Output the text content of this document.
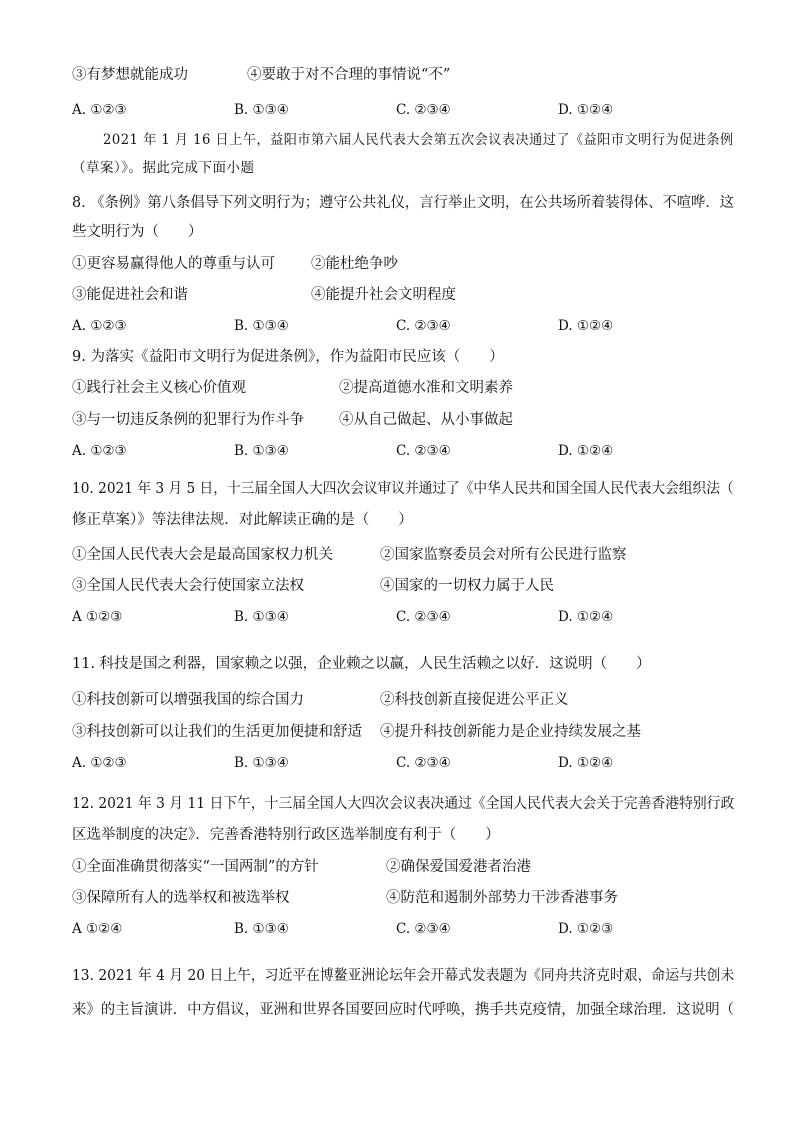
③有梦想就能成功	④要敢于对不合理的事情说“不”
A. ①②③	B. ①③④	C. ②③④	D. ①②④
2021 年 1 月 16 日上午，益阳市第六届人民代表大会第五次会议表决通过了《益阳市文明行为促进条例
（草案）》。据此完成下面小题
8. 《条例》第八条倡导下列文明行为；遵守公共礼仪，言行举止文明，在公共场所着装得体、不喧哗．这
些文明行为（　　）
①更容易赢得他人的尊重与认可 ②能杜绝争吵
③能促进社会和谐	④能提升社会文明程度
A. ①②③	B. ①③④	C. ②③④	D. ①②④
9. 为落实《益阳市文明行为促进条例》，作为益阳市民应该（　　）
①践行社会主义核心价值观	②提高道德水准和文明素养
③与一切违反条例的犯罪行为作斗争 ④从自己做起、从小事做起
A. ①②③	B. ①③④	C. ②③④	D. ①②④
10. 2021 年 3 月 5 日，十三届全国人大四次会议审议并通过了《中华人民共和国全国人民代表大会组织法（
修正草案）》等法律法规．对此解读正确的是（　　）
①全国人民代表大会是最高国家权力机关	②国家监察委员会对所有公民进行监察
③全国人民代表大会行使国家立法权	④国家的一切权力属于人民
A ①②③	B. ①③④	C. ②③④	D. ①②④
11. 科技是国之利器，国家赖之以强，企业赖之以赢，人民生活赖之以好．这说明（　　）
①科技创新可以增强我国的综合国力	②科技创新直接促进公平正义
③科技创新可以让我们的生活更加便捷和舒适 ④提升科技创新能力是企业持续发展之基
A. ①②③	B. ①③④	C. ②③④	D. ①②④
12. 2021 年 3 月 11 日下午，十三届全国人大四次会议表决通过《全国人民代表大会关于完善香港特别行政
区选举制度的决定》．完善香港特别行政区选举制度有利于（　　）
①全面准确贯彻落实“一国两制”的方针	②确保爱国爱港者治港
③保障所有人的选举权和被选举权	④防范和遏制外部势力干涉香港事务
A ①②④	B. ①③④	C. ②③④	D. ①②③
13. 2021 年 4 月 20 日上午，习近平在博鳌亚洲论坛年会开幕式发表题为《同舟共济克时艰，命运与共创未
来》的主旨演讲．中方倡议，亚洲和世界各国要回应时代呼唤，携手共克疫情，加强全球治理．这说明（
